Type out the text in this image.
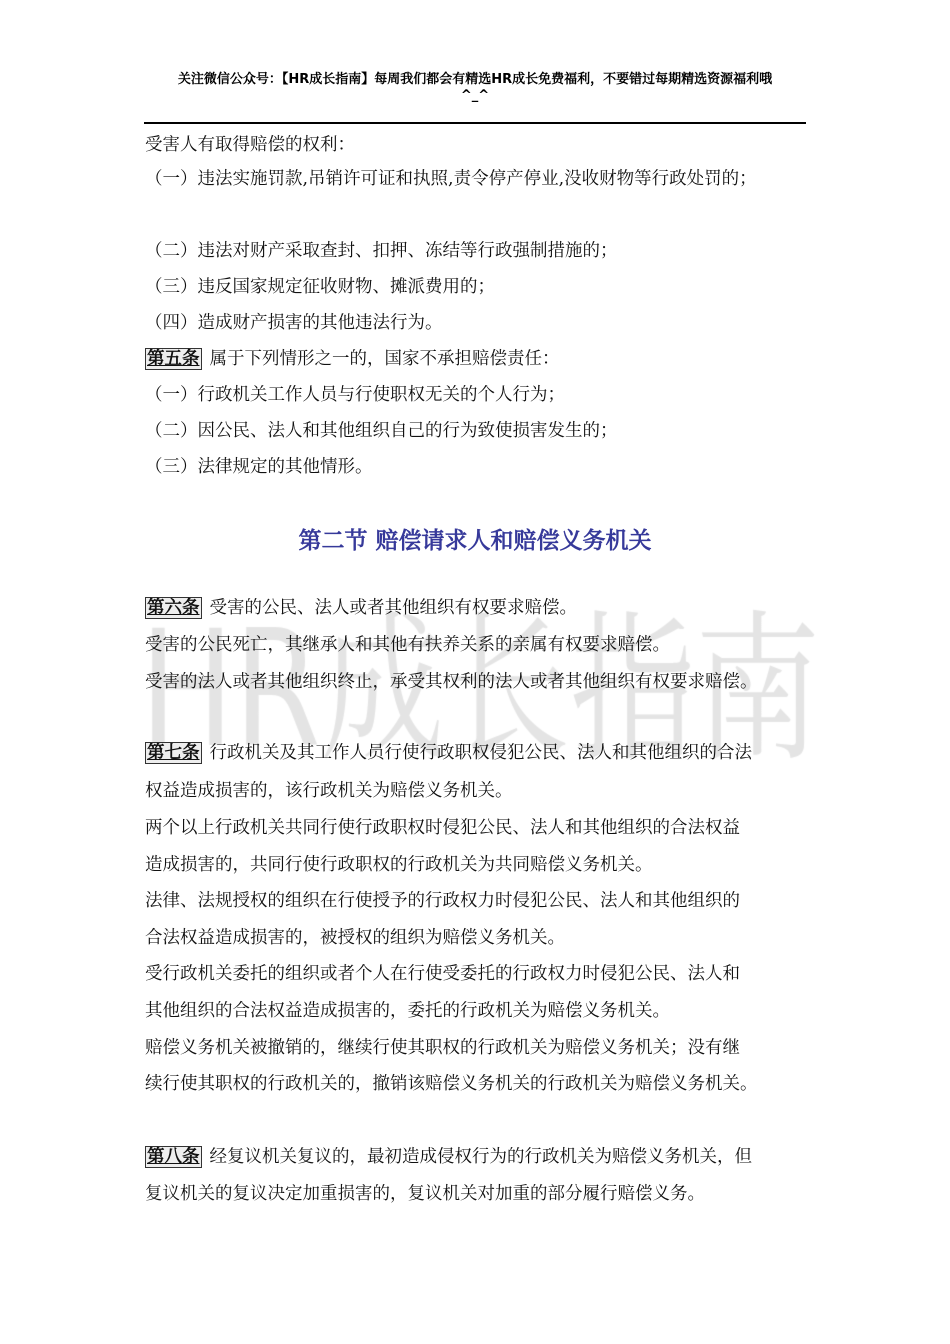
关注微信公众号：【HR成长指南】每周我们都会有精选HR成长免费福利，不要错过每期精选资源福利哦
^_^
受害人有取得赔偿的权利：
（一）违法实施罚款,吊销许可证和执照,责令停产停业,没收财物等行政处罚的；
（二）违法对财产采取查封、扣押、冻结等行政强制措施的；
（三）违反国家规定征收财物、摊派费用的；
（四）造成财产损害的其他违法行为。
第五条 属于下列情形之一的，国家不承担赔偿责任：
（一）行政机关工作人员与行使职权无关的个人行为；
（二）因公民、法人和其他组织自己的行为致使损害发生的；
（三）法律规定的其他情形。
第二节 赔偿请求人和赔偿义务机关
第六条 受害的公民、法人或者其他组织有权要求赔偿。
受害的公民死亡，其继承人和其他有扶养关系的亲属有权要求赔偿。
受害的法人或者其他组织终止，承受其权利的法人或者其他组织有权要求赔偿。
第七条 行政机关及其工作人员行使行政职权侵犯公民、法人和其他组织的合法
权益造成损害的，该行政机关为赔偿义务机关。
两个以上行政机关共同行使行政职权时侵犯公民、法人和其他组织的合法权益
造成损害的，共同行使行政职权的行政机关为共同赔偿义务机关。
法律、法规授权的组织在行使授予的行政权力时侵犯公民、法人和其他组织的
合法权益造成损害的，被授权的组织为赔偿义务机关。
受行政机关委托的组织或者个人在行使受委托的行政权力时侵犯公民、法人和
其他组织的合法权益造成损害的，委托的行政机关为赔偿义务机关。
赔偿义务机关被撤销的，继续行使其职权的行政机关为赔偿义务机关；没有继
续行使其职权的行政机关的，撤销该赔偿义务机关的行政机关为赔偿义务机关。
第八条 经复议机关复议的，最初造成侵权行为的行政机关为赔偿义务机关，但
复议机关的复议决定加重损害的，复议机关对加重的部分履行赔偿义务。
